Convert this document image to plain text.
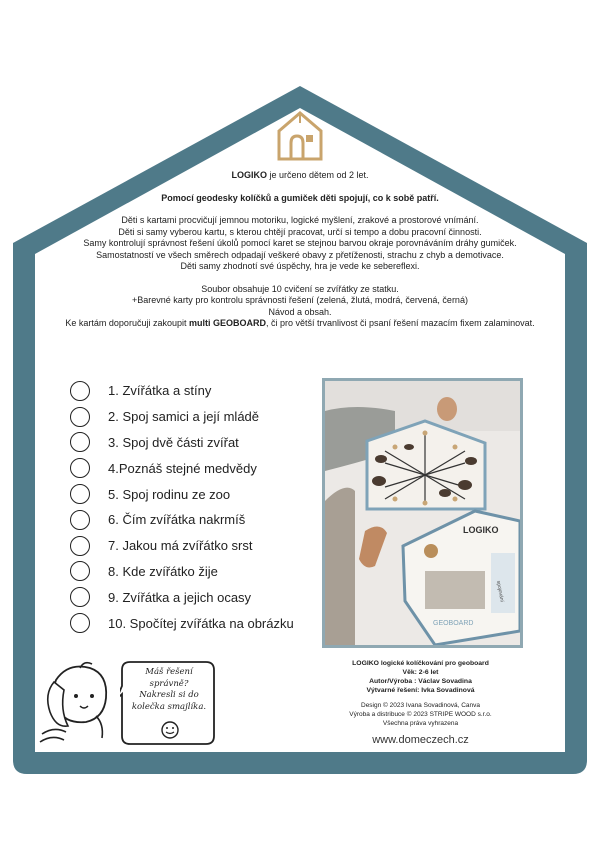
LOGIKO je určeno dětem od 2 let.

Pomocí geodesky kolíčků a gumiček děti spojují, co k sobě patří.

Děti s kartami procvičují jemnou motoriku, logické myšlení, zrakové a prostorové vnímání.

Děti si samy vyberou kartu, s kterou chtějí pracovat, určí si tempo a dobu pracovní činnosti.

Samy kontrolují správnost řešení úkolů pomocí karet se stejnou barvou okraje porovnáváním dráhy gumiček.

Samostatností ve všech směrech odpadají veškeré obavy z přetíženosti, strachu z chyb a demotivace.

Děti samy zhodnotí své úspěchy, hra je vede ke sebereflexi.

Soubor obsahuje 10 cvičení se zvířátky ze statku.

+Barevné karty pro kontrolu správnosti řešení (zelená, žlutá, modrá, červená, černá)

Návod a obsah.

Ke kartám doporučuji zakoupit multi GEOBOARD, či pro větší trvanlivost či psaní řešení mazacím fixem zalaminovat.

1. Zvířátka a stíny
2. Spoj samici a její mládě
3. Spoj dvě části zvířat
4.Poznáš stejné medvědy
5. Spoj rodinu ze zoo
6. Čím zvířátka nakrmíš
7. Jakou má zvířátko srst
8. Kde zvířátko žije
9. Zvířátka a jejich ocasy
10. Spočítej zvířátka na obrázku
LOGIKO
GEOBOARD
spojování
Máš řešení správně?
Nakresli si do
kolečka smajlíka.
LOGIKO logické kolíčkování pro geoboard
Věk: 2-6 let
Autor/Výroba : Václav Sovadina
Výtvarné řešení: Ivka Sovadinová
Design © 2023 Ivana Sovadinová, Canva
Výroba a distribuce © 2023 STRIPE WOOD s.r.o.
Všechna práva vyhrazena
www.domeczech.cz
